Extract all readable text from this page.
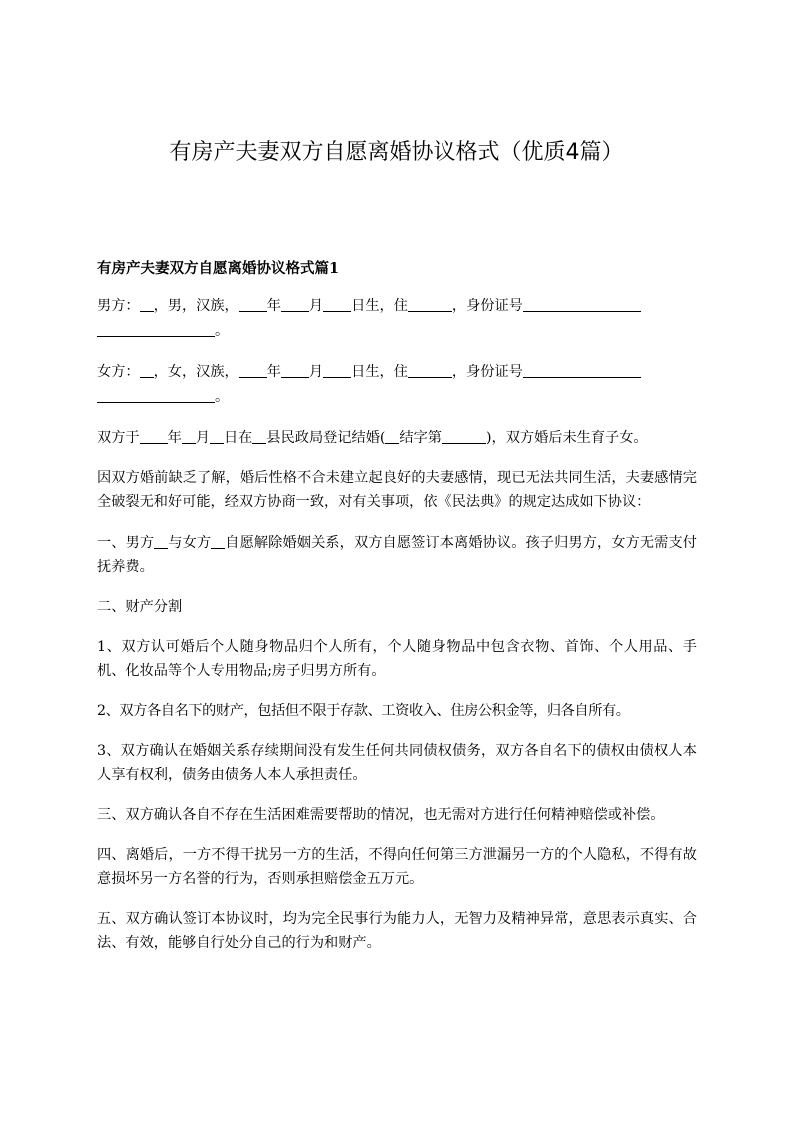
有房产夫妻双方自愿离婚协议格式（优质4篇）
有房产夫妻双方自愿离婚协议格式篇1

男方： ，男，汉族， 年 月 日生，住	，身份证号
。

女方： ，女，汉族， 年 月 日生，住	，身份证号
。

双方于 年 月 日在 县民政局登记结婚( 结字第	)，双方婚后未生育子女。

因双方婚前缺乏了解，婚后性格不合未建立起良好的夫妻感情，现已无法共同生活，夫妻感情完全破裂无和好可能，经双方协商一致，对有关事项，依《民法典》的规定达成如下协议：

一、男方 与女方 自愿解除婚姻关系，双方自愿签订本离婚协议。孩子归男方，女方无需支付抚养费。

二、财产分割

1、双方认可婚后个人随身物品归个人所有，个人随身物品中包含衣物、首饰、个人用品、手机、化妆品等个人专用物品;房子归男方所有。

2、双方各自名下的财产，包括但不限于存款、工资收入、住房公积金等，归各自所有。

3、双方确认在婚姻关系存续期间没有发生任何共同债权债务，双方各自名下的债权由债权人本人享有权利，债务由债务人本人承担责任。

三、双方确认各自不存在生活困难需要帮助的情况，也无需对方进行任何精神赔偿或补偿。

四、离婚后，一方不得干扰另一方的生活，不得向任何第三方泄漏另一方的个人隐私，不得有故意损坏另一方名誉的行为，否则承担赔偿金五万元。

五、双方确认签订本协议时，均为完全民事行为能力人，无智力及精神异常，意思表示真实、合法、有效，能够自行处分自己的行为和财产。
